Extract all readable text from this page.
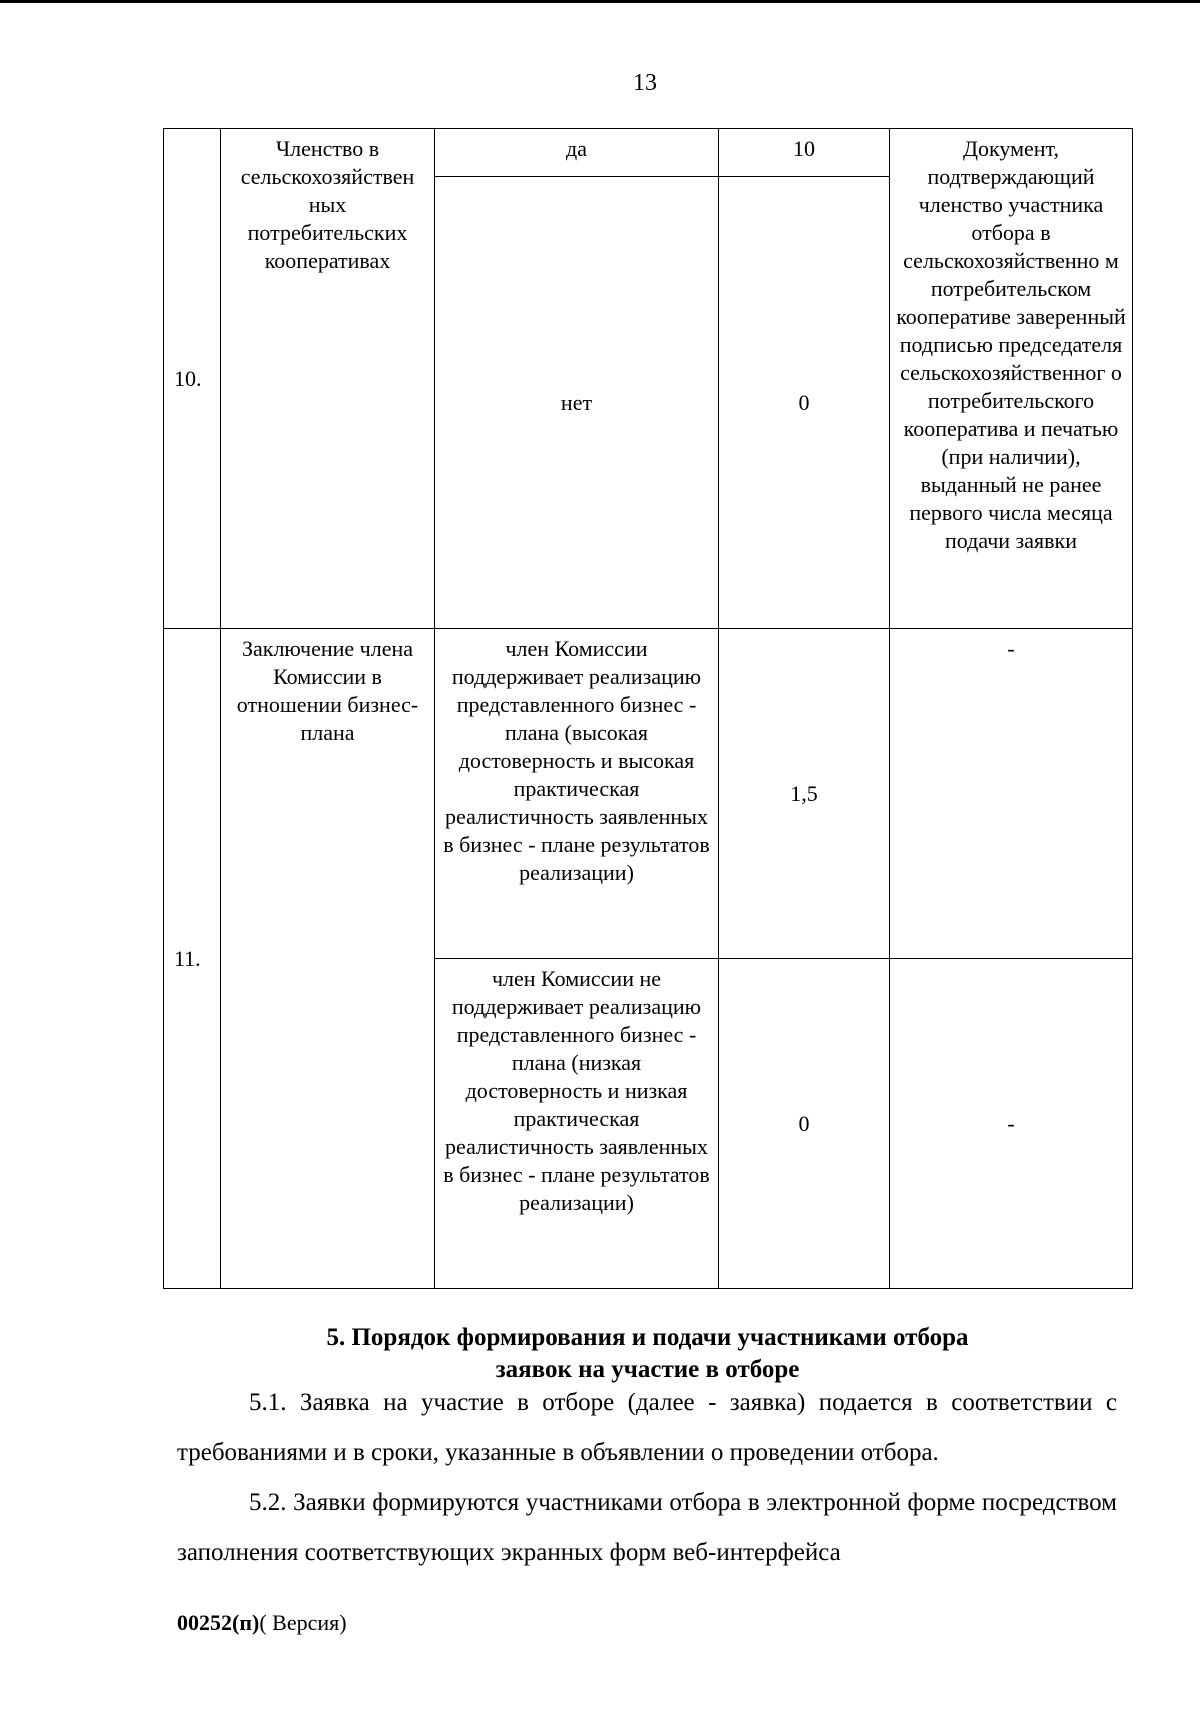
13
10.	Членство в сельскохозяйствен ных потребительских кооперативах	да	10	Документ, подтверждающий членство участника отбора в сельскохозяйственно м потребительском кооперативе заверенный подписью председателя сельскохозяйственног о потребительского кооператива и печатью (при наличии), выданный не ранее первого числа месяца подачи заявки
		нет	0	
11.	Заключение члена Комиссии в отношении бизнес-плана	член Комиссии поддерживает реализацию представленного бизнес - плана (высокая достоверность и высокая практическая реалистичность заявленных в бизнес - плане результатов реализации)	1,5	-
		член Комиссии не поддерживает реализацию представленного бизнес - плана (низкая достоверность и низкая практическая реалистичность заявленных в бизнес - плане результатов реализации)	0	-
5. Порядок формирования и подачи участниками отбора
заявок на участие в отборе
5.1. Заявка на участие в отборе (далее - заявка) подается в соответствии с требованиями и в сроки, указанные в объявлении о проведении отбора.
5.2. Заявки формируются участниками отбора в электронной форме посредством заполнения соответствующих экранных форм веб-интерфейса
00252(п)( Версия)
